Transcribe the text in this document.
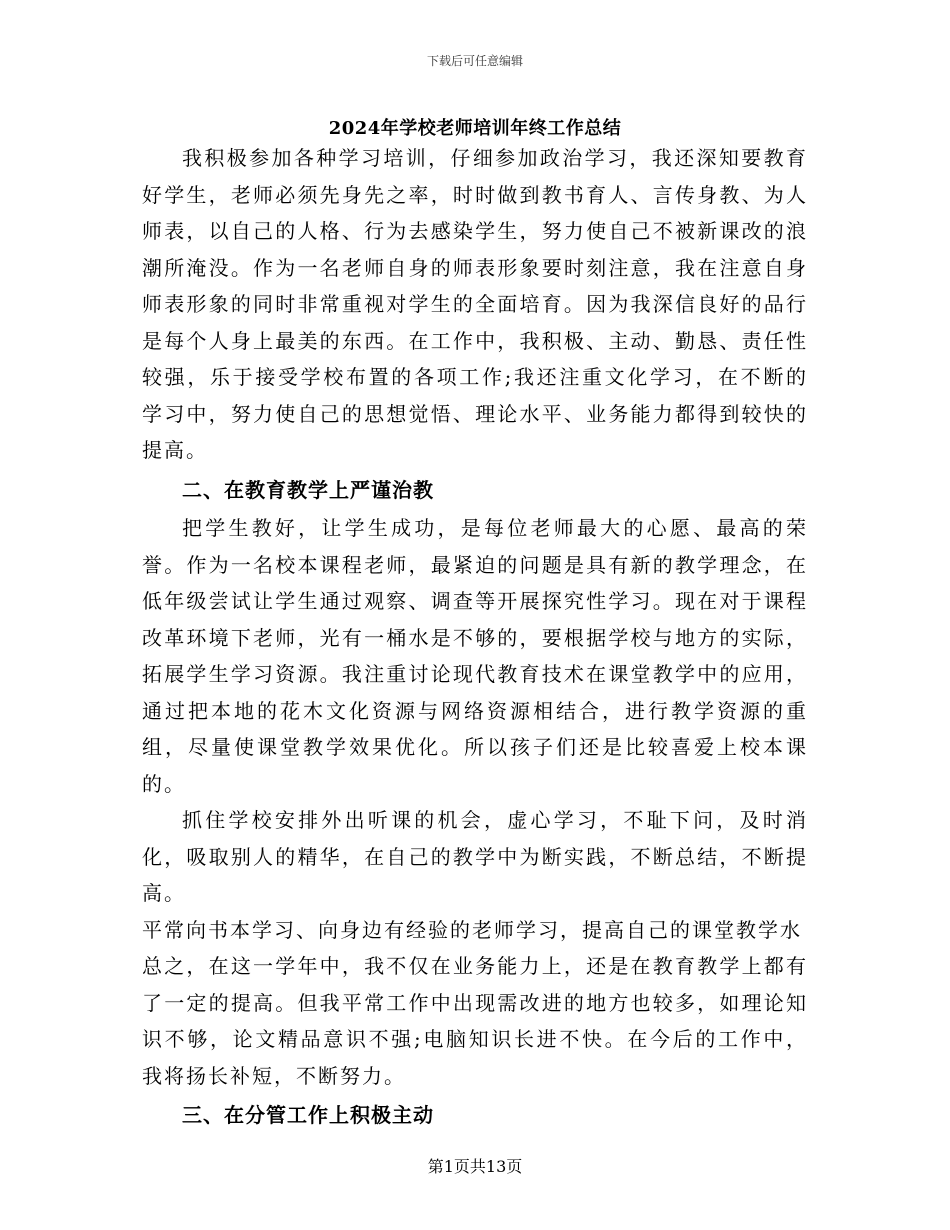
下载后可任意编辑
2024年学校老师培训年终工作总结

我积极参加各种学习培训，仔细参加政治学习，我还深知要教育好学生，老师必须先身先之率，时时做到教书育人、言传身教、为人师表，以自己的人格、行为去感染学生，努力使自己不被新课改的浪潮所淹没。作为一名老师自身的师表形象要时刻注意，我在注意自身师表形象的同时非常重视对学生的全面培育。因为我深信良好的品行是每个人身上最美的东西。在工作中，我积极、主动、勤恳、责任性较强，乐于接受学校布置的各项工作;我还注重文化学习，在不断的学习中，努力使自己的思想觉悟、理论水平、业务能力都得到较快的提高。

二、在教育教学上严谨治教

把学生教好，让学生成功，是每位老师最大的心愿、最高的荣誉。作为一名校本课程老师，最紧迫的问题是具有新的教学理念，在低年级尝试让学生通过观察、调查等开展探究性学习。现在对于课程改革环境下老师，光有一桶水是不够的，要根据学校与地方的实际，拓展学生学习资源。我注重讨论现代教育技术在课堂教学中的应用，通过把本地的花木文化资源与网络资源相结合，进行教学资源的重组，尽量使课堂教学效果优化。所以孩子们还是比较喜爱上校本课的。

抓住学校安排外出听课的机会，虚心学习，不耻下问，及时消化，吸取别人的精华，在自己的教学中为断实践，不断总结，不断提高。

平常向书本学习、向身边有经验的老师学习，提高自己的课堂教学水

总之，在这一学年中，我不仅在业务能力上，还是在教育教学上都有了一定的提高。但我平常工作中出现需改进的地方也较多，如理论知识不够，论文精品意识不强;电脑知识长进不快。在今后的工作中，我将扬长补短，不断努力。

三、在分管工作上积极主动
第1页共13页
